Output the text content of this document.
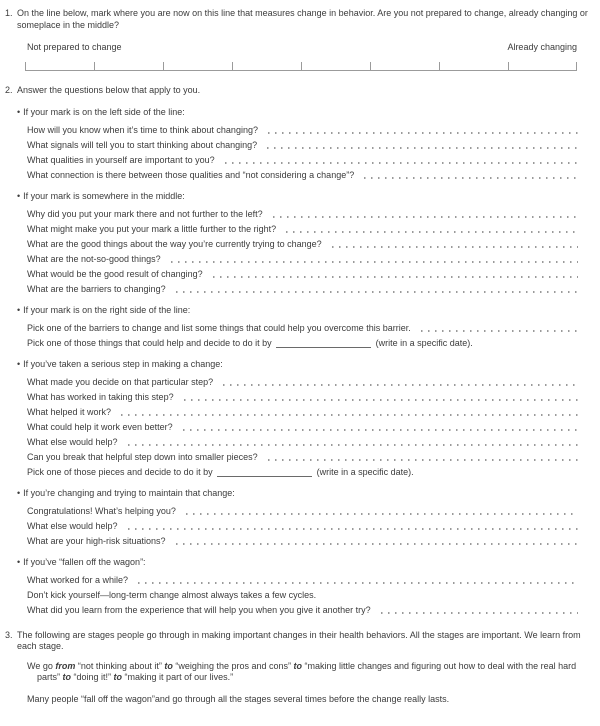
1. On the line below, mark where you are now on this line that measures change in behavior. Are you not prepared to change, already changing or someplace in the middle?
Not prepared to change	Already changing
2. Answer the questions below that apply to you.
• If your mark is on the left side of the line:
How will you know when it’s time to think about changing?
What signals will tell you to start thinking about changing?
What qualities in yourself are important to you?
What connection is there between those qualities and “not considering a change”?
• If your mark is somewhere in the middle:
Why did you put your mark there and not further to the left?
What might make you put your mark a little further to the right?
What are the good things about the way you’re currently trying to change?
What are the not-so-good things?
What would be the good result of changing?
What are the barriers to changing?
• If your mark is on the right side of the line:
Pick one of the barriers to change and list some things that could help you overcome this barrier.
Pick one of those things that could help and decide to do it by	(write in a specific date).
• If you’ve taken a serious step in making a change:
What made you decide on that particular step?
What has worked in taking this step?
What helped it work?
What could help it work even better?
What else would help?
Can you break that helpful step down into smaller pieces?
Pick one of those pieces and decide to do it by	(write in a specific date).
• If you’re changing and trying to maintain that change:
Congratulations! What’s helping you?
What else would help?
What are your high-risk situations?
• If you’ve “fallen off the wagon”:
What worked for a while?
Don’t kick yourself—long-term change almost always takes a few cycles.
What did you learn from the experience that will help you when you give it another try?
3. The following are stages people go through in making important changes in their health behaviors. All the stages are important. We learn from each stage.
We go from “not thinking about it” to “weighing the pros and cons” to “making little changes and figuring out how to deal with the real hard parts” to “doing it!” to “making it part of our lives.”
Many people “fall off the wagon”and go through all the stages several times before the change really lasts.
